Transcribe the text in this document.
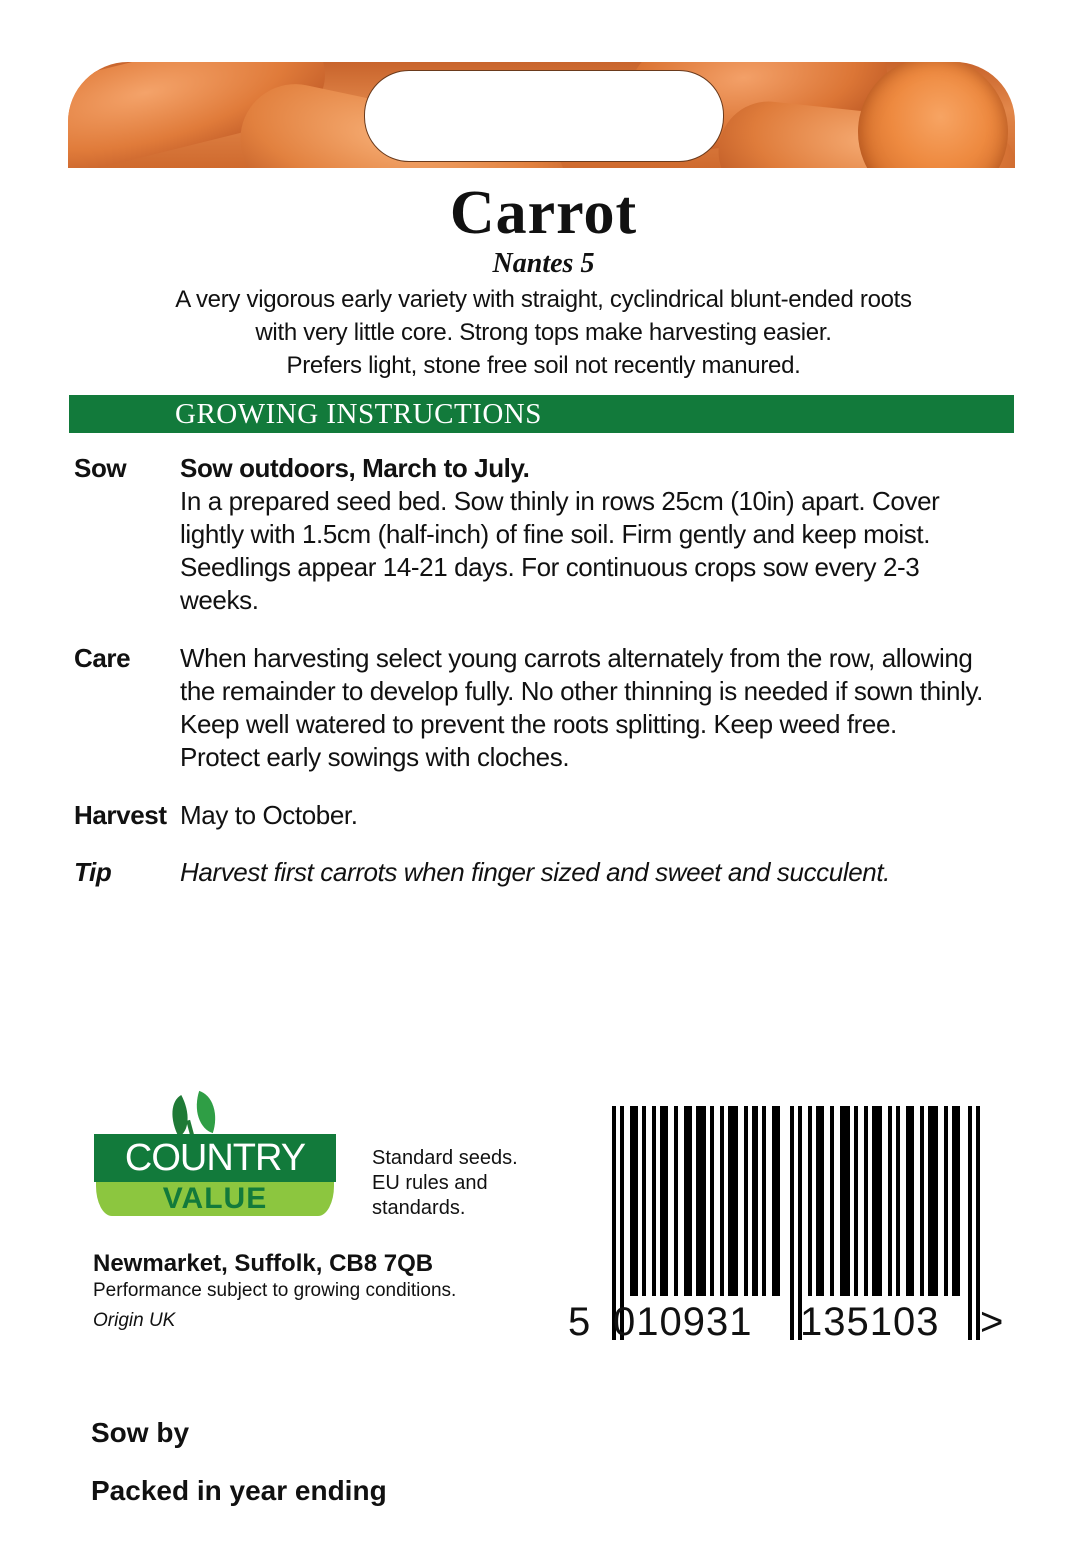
Carrot
Nantes 5
A very vigorous early variety with straight, cyclindrical blunt-ended roots
with very little core. Strong tops make harvesting easier.
Prefers light, stone free soil not recently manured.
GROWING INSTRUCTIONS
Sow	Sow outdoors, March to July.
In a prepared seed bed. Sow thinly in rows 25cm (10in) apart. Cover
lightly with 1.5cm (half-inch) of fine soil. Firm gently and keep moist.
Seedlings appear 14-21 days. For continuous crops sow every 2-3
weeks.
Care	When harvesting select young carrots alternately from the row, allowing
the remainder to develop fully. No other thinning is needed if sown thinly.
Keep well watered to prevent the roots splitting. Keep weed free.
Protect early sowings with cloches.
Harvest May to October.
Tip	Harvest first carrots when finger sized and sweet and succulent.
COUNTRY
VALUE
Standard seeds.
EU rules and
standards.
Newmarket, Suffolk, CB8 7QB
Performance subject to growing conditions.
Origin UK	5 010931 135103 >
Sow by
Packed in year ending
